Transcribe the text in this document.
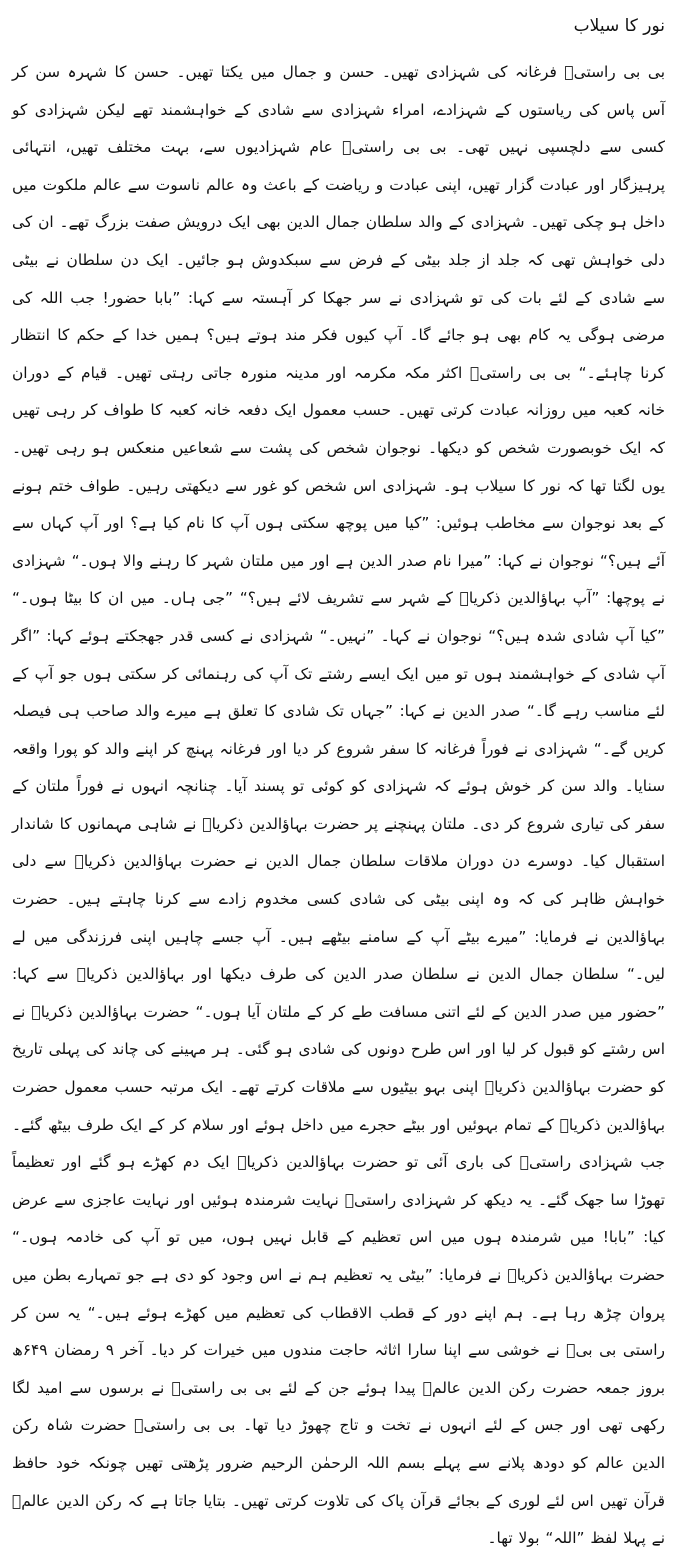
نور کا سیلاب

بی بی راستیؒ فرغانہ کی شہزادی تھیں۔ حسن و جمال میں یکتا تھیں۔ حسن کا شہرہ سن کر آس پاس کی ریاستوں کے شہزادے، امراء شہزادی سے شادی کے خواہشمند تھے لیکن شہزادی کو کسی سے دلچسپی نہیں تھی۔ بی بی راستیؒ عام شہزادیوں سے، بہت مختلف تھیں، انتہائی پرہیزگار اور عبادت گزار تھیں، اپنی عبادت و ریاضت کے باعث وہ عالم ناسوت سے عالم ملکوت میں داخل ہو چکی تھیں۔ شہزادی کے والد سلطان جمال الدین بھی ایک درویش صفت بزرگ تھے۔ ان کی دلی خواہش تھی کہ جلد از جلد بیٹی کے فرض سے سبکدوش ہو جائیں۔ ایک دن سلطان نے بیٹی سے شادی کے لئے بات کی تو شہزادی نے سر جھکا کر آہستہ سے کہا: ”بابا حضور! جب اللہ کی مرضی ہوگی یہ کام بھی ہو جائے گا۔ آپ کیوں فکر مند ہوتے ہیں؟ ہمیں خدا کے حکم کا انتظار کرنا چاہئے۔“ بی بی راستیؒ اکثر مکہ مکرمہ اور مدینہ منورہ جاتی رہتی تھیں۔ قیام کے دوران خانہ کعبہ میں روزانہ عبادت کرتی تھیں۔ حسب معمول ایک دفعہ خانہ کعبہ کا طواف کر رہی تھیں کہ ایک خوبصورت شخص کو دیکھا۔ نوجوان شخص کی پشت سے شعاعیں منعکس ہو رہی تھیں۔ یوں لگتا تھا کہ نور کا سیلاب ہو۔ شہزادی اس شخص کو غور سے دیکھتی رہیں۔ طواف ختم ہونے کے بعد نوجوان سے مخاطب ہوئیں: ”کیا میں پوچھ سکتی ہوں آپ کا نام کیا ہے؟ اور آپ کہاں سے آئے ہیں؟“ نوجوان نے کہا: ”میرا نام صدر الدین ہے اور میں ملتان شہر کا رہنے والا ہوں۔“ شہزادی نے پوچھا: ”آپ بہاؤالدین ذکریاؒ کے شہر سے تشریف لائے ہیں؟“ ”جی ہاں۔ میں ان کا بیٹا ہوں۔“ ”کیا آپ شادی شدہ ہیں؟“ نوجوان نے کہا۔ ”نہیں۔“ شہزادی نے کسی قدر جھجکتے ہوئے کہا: ”اگر آپ شادی کے خواہشمند ہوں تو میں ایک ایسے رشتے تک آپ کی رہنمائی کر سکتی ہوں جو آپ کے لئے مناسب رہے گا۔“ صدر الدین نے کہا: ”جہاں تک شادی کا تعلق ہے میرے والد صاحب ہی فیصلہ کریں گے۔“ شہزادی نے فوراً فرغانہ کا سفر شروع کر دیا اور فرغانہ پہنچ کر اپنے والد کو پورا واقعہ سنایا۔ والد سن کر خوش ہوئے کہ شہزادی کو کوئی تو پسند آیا۔ چنانچہ انہوں نے فوراً ملتان کے سفر کی تیاری شروع کر دی۔ ملتان پہنچنے پر حضرت بہاؤالدین ذکریاؒ نے شاہی مہمانوں کا شاندار استقبال کیا۔ دوسرے دن دوران ملاقات سلطان جمال الدین نے حضرت بہاؤالدین ذکریاؒ سے دلی خواہش ظاہر کی کہ وہ اپنی بیٹی کی شادی کسی مخدوم زادے سے کرنا چاہتے ہیں۔ حضرت بہاؤالدین نے فرمایا: ”میرے بیٹے آپ کے سامنے بیٹھے ہیں۔ آپ جسے چاہیں اپنی فرزندگی میں لے لیں۔“ سلطان جمال الدین نے سلطان صدر الدین کی طرف دیکھا اور بہاؤالدین ذکریاؒ سے کہا: ”حضور میں صدر الدین کے لئے اتنی مسافت طے کر کے ملتان آیا ہوں۔“ حضرت بہاؤالدین ذکریاؒ نے اس رشتے کو قبول کر لیا اور اس طرح دونوں کی شادی ہو گئی۔ ہر مہینے کی چاند کی پہلی تاریخ کو حضرت بہاؤالدین ذکریاؒ اپنی بہو بیٹیوں سے ملاقات کرتے تھے۔ ایک مرتبہ حسب معمول حضرت بہاؤالدین ذکریاؒ کے تمام بہوئیں اور بیٹے حجرے میں داخل ہوئے اور سلام کر کے ایک طرف بیٹھ گئے۔ جب شہزادی راستیؒ کی باری آئی تو حضرت بہاؤالدین ذکریاؒ ایک دم کھڑے ہو گئے اور تعظیماً تھوڑا سا جھک گئے۔ یہ دیکھ کر شہزادی راستیؒ نہایت شرمندہ ہوئیں اور نہایت عاجزی سے عرض کیا: ”بابا! میں شرمندہ ہوں میں اس تعظیم کے قابل نہیں ہوں، میں تو آپ کی خادمہ ہوں۔“ حضرت بہاؤالدین ذکریاؒ نے فرمایا: ”بیٹی یہ تعظیم ہم نے اس وجود کو دی ہے جو تمہارے بطن میں پروان چڑھ رہا ہے۔ ہم اپنے دور کے قطب الاقطاب کی تعظیم میں کھڑے ہوئے ہیں۔“ یہ سن کر راستی بی بیؒ نے خوشی سے اپنا سارا اثاثہ حاجت مندوں میں خیرات کر دیا۔ آخر ۹ رمضان ۶۴۹ھ بروز جمعہ حضرت رکن الدین عالمؒ پیدا ہوئے جن کے لئے بی بی راستیؒ نے برسوں سے امید لگا رکھی تھی اور جس کے لئے انہوں نے تخت و تاج چھوڑ دیا تھا۔ بی بی راستیؒ حضرت شاہ رکن الدین عالم کو دودھ پلانے سے پہلے بسم اللہ الرحمٰن الرحیم ضرور پڑھتی تھیں چونکہ خود حافظ قرآن تھیں اس لئے لوری کے بجائے قرآن پاک کی تلاوت کرتی تھیں۔ بتایا جاتا ہے کہ رکن الدین عالمؒ نے پہلا لفظ ”اللہ“ بولا تھا۔
